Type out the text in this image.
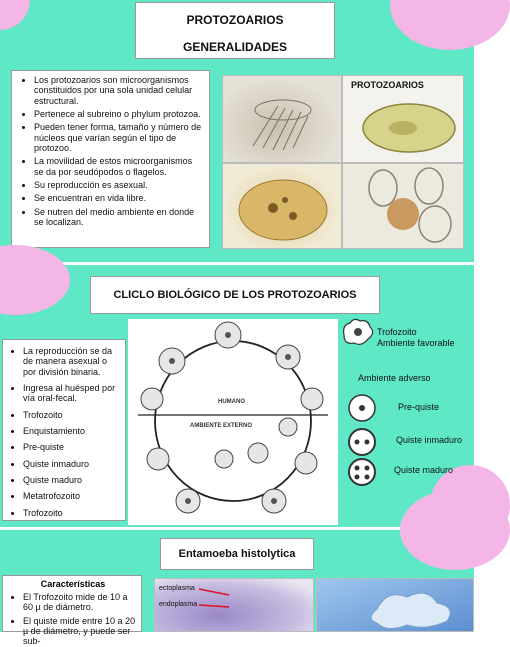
PROTOZOARIOS
GENERALIDADES
• Los protozoarios son microorganismos constituidos por una sola unidad celular estructural.
• Pertenece al subreino o phylum protozoa.
• Pueden tener forma, tamaño y número de núcleos que varían según el tipo de protozoo.
• La movilidad de estos microorganismos se da por seudópodos o flagelos.
• Su reproducción es asexual.
• Se encuentran en vida libre.
• Se nutren del medio ambiente en donde se localizan.
PROTOZOARIOS
CLICLO BIOLÓGICO DE LOS PROTOZOARIOS
• La reproducción se da de manera asexual o por división binaria.
• Ingresa al huésped por vía oral-fecal.
• Trofozoito
• Enquistamiento
• Pre-quiste
• Quiste inmaduro
• Quiste maduro
• Metatrofozoito
• Trofozoito
HUMANO
AMBIENTE EXTERNO
Trofozoito
Ambiente favorable
Ambiente adverso
Pre-quiste
Quiste inmaduro
Quiste maduro
Entamoeba histolytica
Características
• El Trofozoito mide de 10 a 60 µ de diámetro.
• El quiste mide entre 10 a 20 µ de diámetro, y puede ser sub-
ectoplasma
endoplasma
